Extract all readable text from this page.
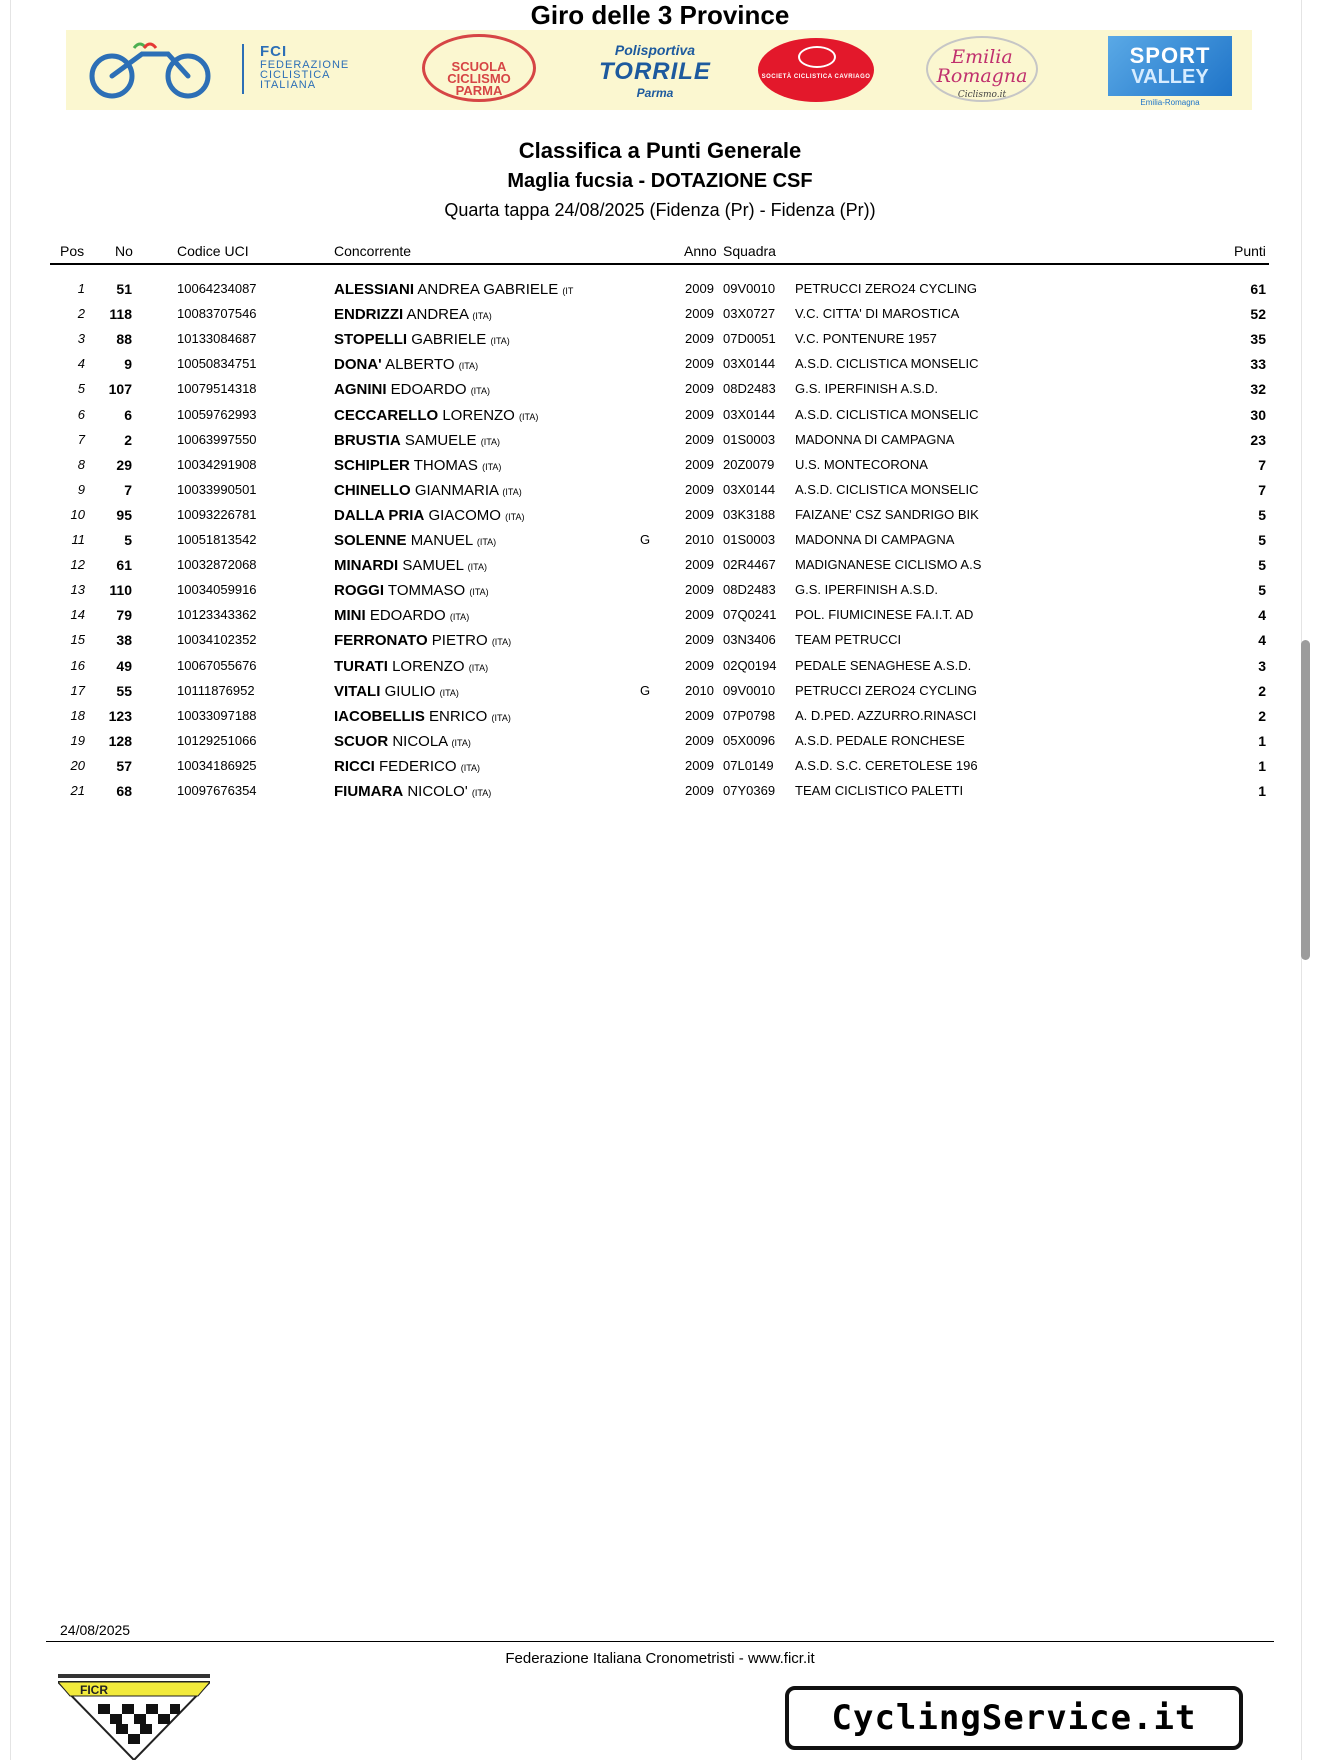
Giro delle 3 Province
FCI
FEDERAZIONE
CICLISTICA
ITALIANA
SCUOLA
CICLISMO
PARMA
Polisportiva
TORRILE
Parma
SOCIETÀ CICLISTICA CAVRIAGO
Emilia
Romagna
Ciclismo.it
SPORT
VALLEY
Emilia-Romagna
Classifica a Punti Generale
Maglia fucsia - DOTAZIONE CSF
Quarta tappa 24/08/2025 (Fidenza (Pr) - Fidenza (Pr))
Pos No	Codice UCI	Concorrente	Anno Squadra	Punti
1	51	10064234087	ALESSIANI ANDREA GABRIELE (IT	2009 09V0010 PETRUCCI ZERO24 CYCLING	61
2	118	10083707546	ENDRIZZI ANDREA (ITA)	2009 03X0727 V.C. CITTA' DI MAROSTICA	52
3	88	10133084687	STOPELLI GABRIELE (ITA)	2009 07D0051 V.C. PONTENURE 1957	35
4	9	10050834751	DONA' ALBERTO (ITA)	2009 03X0144 A.S.D. CICLISTICA MONSELIC	33
5	107	10079514318	AGNINI EDOARDO (ITA)	2009 08D2483 G.S. IPERFINISH A.S.D.	32
6	6	10059762993	CECCARELLO LORENZO (ITA)	2009 03X0144 A.S.D. CICLISTICA MONSELIC	30
7	2	10063997550	BRUSTIA SAMUELE (ITA)	2009 01S0003 MADONNA DI CAMPAGNA	23
8	29	10034291908	SCHIPLER THOMAS (ITA)	2009 20Z0079 U.S. MONTECORONA	7
9	7	10033990501	CHINELLO GIANMARIA (ITA)	2009 03X0144 A.S.D. CICLISTICA MONSELIC	7
10	95	10093226781	DALLA PRIA GIACOMO (ITA)	2009 03K3188 FAIZANE' CSZ SANDRIGO BIK	5
11	5	10051813542	SOLENNE MANUEL (ITA)	G	2010 01S0003 MADONNA DI CAMPAGNA	5
12	61	10032872068	MINARDI SAMUEL (ITA)	2009 02R4467 MADIGNANESE CICLISMO A.S	5
13	110	10034059916	ROGGI TOMMASO (ITA)	2009 08D2483 G.S. IPERFINISH A.S.D.	5
14	79	10123343362	MINI EDOARDO (ITA)	2009 07Q0241 POL. FIUMICINESE FA.I.T. AD	4
15	38	10034102352	FERRONATO PIETRO (ITA)	2009 03N3406 TEAM PETRUCCI	4
16	49	10067055676	TURATI LORENZO (ITA)	2009 02Q0194 PEDALE SENAGHESE A.S.D.	3
17	55	10111876952	VITALI GIULIO (ITA)	G	2010 09V0010 PETRUCCI ZERO24 CYCLING	2
18	123	10033097188	IACOBELLIS ENRICO (ITA)	2009 07P0798 A. D.PED. AZZURRO.RINASCI	2
19	128	10129251066	SCUOR NICOLA (ITA)	2009 05X0096 A.S.D. PEDALE RONCHESE	1
20	57	10034186925	RICCI FEDERICO (ITA)	2009 07L0149 A.S.D. S.C. CERETOLESE 196	1
21	68	10097676354	FIUMARA NICOLO' (ITA)	2009 07Y0369 TEAM CICLISTICO PALETTI	1
24/08/2025
Federazione Italiana Cronometristi - www.ficr.it
FICR
CyclingService.it
